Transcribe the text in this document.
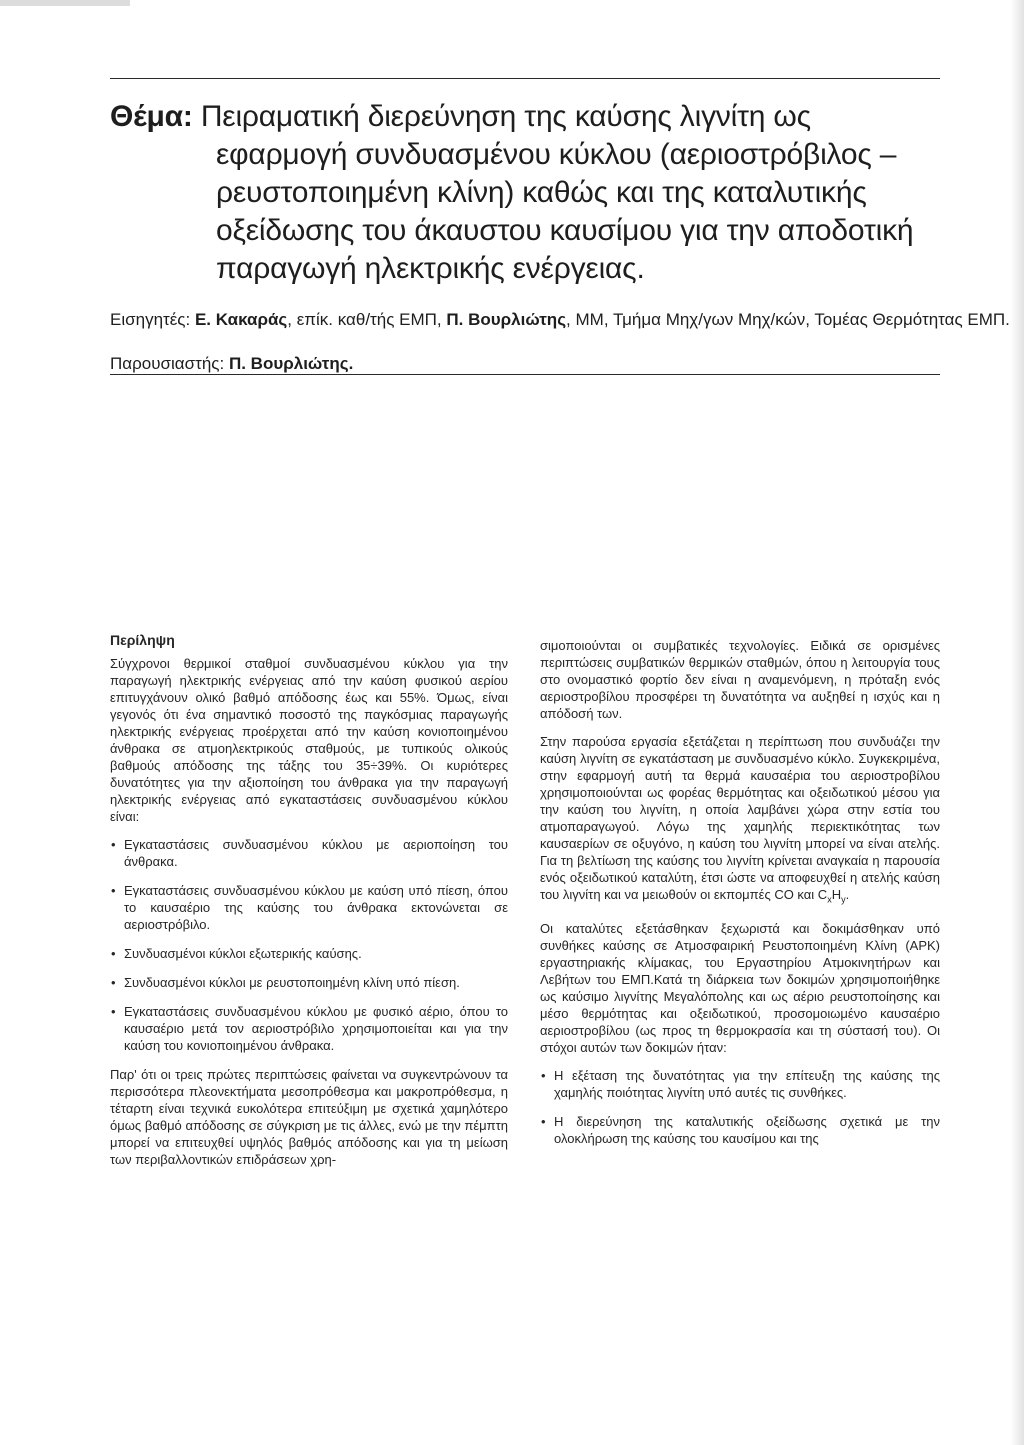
Θέμα: Πειραματική διερεύνηση της καύσης λιγνίτη ως εφαρμογή συνδυασμένου κύκλου (αεριοστρόβιλος – ρευστοποιημένη κλίνη) καθώς και της καταλυτικής οξείδωσης του άκαυστου καυσίμου για την αποδοτική παραγωγή ηλεκτρικής ενέργειας.
Εισηγητές: Ε. Κακαράς, επίκ. καθ/τής ΕΜΠ, Π. Βουρλιώτης, ΜΜ, Τμήμα Μηχ/γων Μηχ/κών, Τομέας Θερμότητας ΕΜΠ.
Παρουσιαστής: Π. Βουρλιώτης.
Περίληψη

Σύγχρονοι θερμικοί σταθμοί συνδυασμένου κύκλου για την παραγωγή ηλεκτρικής ενέργειας από την καύση φυσικού αερίου επιτυγχάνουν ολικό βαθμό απόδοσης έως και 55%. Όμως, είναι γεγονός ότι ένα σημαντικό ποσοστό της παγκόσμιας παραγωγής ηλεκτρικής ενέργειας προέρχεται από την καύση κονιοποιημένου άνθρακα σε ατμοηλεκτρικούς σταθμούς, με τυπικούς ολικούς βαθμούς απόδοσης της τάξης του 35÷39%. Οι κυριότερες δυνατότητες για την αξιοποίηση του άνθρακα για την παραγωγή ηλεκτρικής ενέργειας από εγκαταστάσεις συνδυασμένου κύκλου είναι:

• Εγκαταστάσεις συνδυασμένου κύκλου με αεριοποίηση του άνθρακα.
• Εγκαταστάσεις συνδυασμένου κύκλου με καύση υπό πίεση, όπου το καυσαέριο της καύσης του άνθρακα εκτονώνεται σε αεριοστρόβιλο.
• Συνδυασμένοι κύκλοι εξωτερικής καύσης.
• Συνδυασμένοι κύκλοι με ρευστοποιημένη κλίνη υπό πίεση.
• Εγκαταστάσεις συνδυασμένου κύκλου με φυσικό αέριο, όπου το καυσαέριο μετά τον αεριοστρόβιλο χρησιμοποιείται και για την καύση του κονιοποιημένου άνθρακα.

Παρ' ότι οι τρεις πρώτες περιπτώσεις φαίνεται να συγκεντρώνουν τα περισσότερα πλεονεκτήματα μεσοπρόθεσμα και μακροπρόθεσμα, η τέταρτη είναι τεχνικά ευκολότερα επιτεύξιμη με σχετικά χαμηλότερο όμως βαθμό απόδοσης σε σύγκριση με τις άλλες, ενώ με την πέμπτη μπορεί να επιτευχθεί υψηλός βαθμός απόδοσης και για τη μείωση των περιβαλλοντικών επιδράσεων χρη-

σιμοποιούνται οι συμβατικές τεχνολογίες. Ειδικά σε ορισμένες περιπτώσεις συμβατικών θερμικών σταθμών, όπου η λειτουργία τους στο ονομαστικό φορτίο δεν είναι η αναμενόμενη, η πρόταξη ενός αεριοστροβίλου προσφέρει τη δυνατότητα να αυξηθεί η ισχύς και η απόδοσή των.

Στην παρούσα εργασία εξετάζεται η περίπτωση που συνδυάζει την καύση λιγνίτη σε εγκατάσταση με συνδυασμένο κύκλο. Συγκεκριμένα, στην εφαρμογή αυτή τα θερμά καυσαέρια του αεριοστροβίλου χρησιμοποιούνται ως φορέας θερμότητας και οξειδωτικού μέσου για την καύση του λιγνίτη, η οποία λαμβάνει χώρα στην εστία του ατμοπαραγωγού. Λόγω της χαμηλής περιεκτικότητας των καυσαερίων σε οξυγόνο, η καύση του λιγνίτη μπορεί να είναι ατελής. Για τη βελτίωση της καύσης του λιγνίτη κρίνεται αναγκαία η παρουσία ενός οξειδωτικού καταλύτη, έτσι ώστε να αποφευχθεί η ατελής καύση του λιγνίτη και να μειωθούν οι εκπομπές CO και $C_xH_y$.

Οι καταλύτες εξετάσθηκαν ξεχωριστά και δοκιμάσθηκαν υπό συνθήκες καύσης σε Ατμοσφαιρική Ρευστοποιημένη Κλίνη (ΑΡΚ) εργαστηριακής κλίμακας, του Εργαστηρίου Ατμοκινητήρων και Λεβήτων του ΕΜΠ.Κατά τη διάρκεια των δοκιμών χρησιμοποιήθηκε ως καύσιμο λιγνίτης Μεγαλόπολης και ως αέριο ρευστοποίησης και μέσο θερμότητας και οξειδωτικού, προσομοιωμένο καυσαέριο αεριοστροβίλου (ως προς τη θερμοκρασία και τη σύστασή του). Οι στόχοι αυτών των δοκιμών ήταν:

• Η εξέταση της δυνατότητας για την επίτευξη της καύσης της χαμηλής ποιότητας λιγνίτη υπό αυτές τις συνθήκες.
• Η διερεύνηση της καταλυτικής οξείδωσης σχετικά με την ολοκλήρωση της καύσης του καυσίμου και της
